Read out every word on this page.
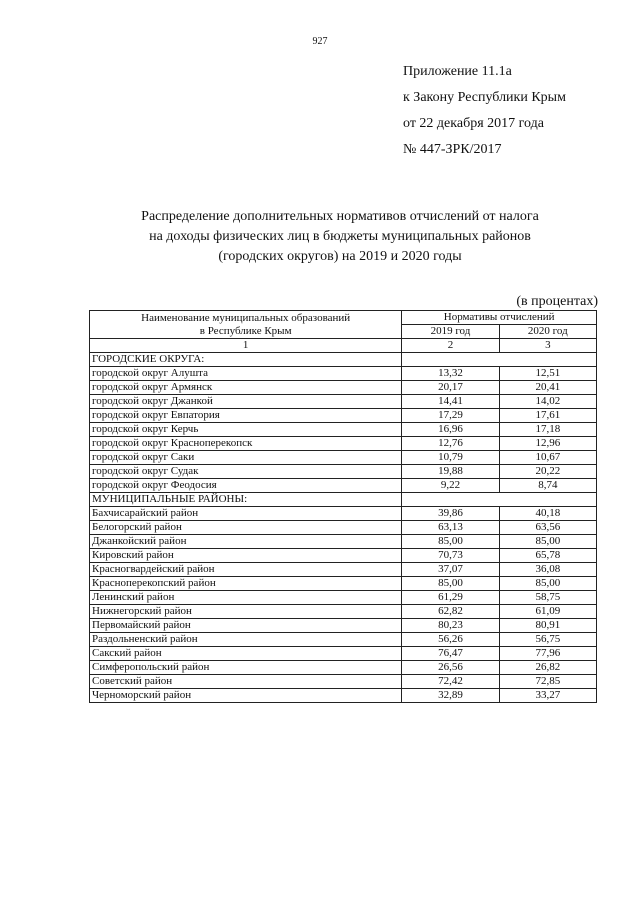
927
Приложение 11.1а
к Закону Республики Крым
от 22 декабря 2017 года
№ 447-ЗРК/2017
Распределение дополнительных нормативов отчислений от налога
на доходы физических лиц в бюджеты муниципальных районов
(городских округов) на 2019 и 2020 годы
(в процентах)
Наименование муниципальных образований
в Республике Крым	Нормативы отчислений	
	2019 год	2020 год
1	2	3
ГОРОДСКИЕ ОКРУГА:		
городской округ Алушта	13,32	12,51
городской округ Армянск	20,17	20,41
городской округ Джанкой	14,41	14,02
городской округ Евпатория	17,29	17,61
городской округ Керчь	16,96	17,18
городской округ Красноперекопск	12,76	12,96
городской округ Саки	10,79	10,67
городской округ Судак	19,88	20,22
городской округ Феодосия	9,22	8,74
МУНИЦИПАЛЬНЫЕ РАЙОНЫ:		
Бахчисарайский район	39,86	40,18
Белогорский район	63,13	63,56
Джанкойский район	85,00	85,00
Кировский район	70,73	65,78
Красногвардейский район	37,07	36,08
Красноперекопский район	85,00	85,00
Ленинский район	61,29	58,75
Нижнегорский район	62,82	61,09
Первомайский район	80,23	80,91
Раздольненский район	56,26	56,75
Сакский район	76,47	77,96
Симферопольский район	26,56	26,82
Советский район	72,42	72,85
Черноморский район	32,89	33,27
